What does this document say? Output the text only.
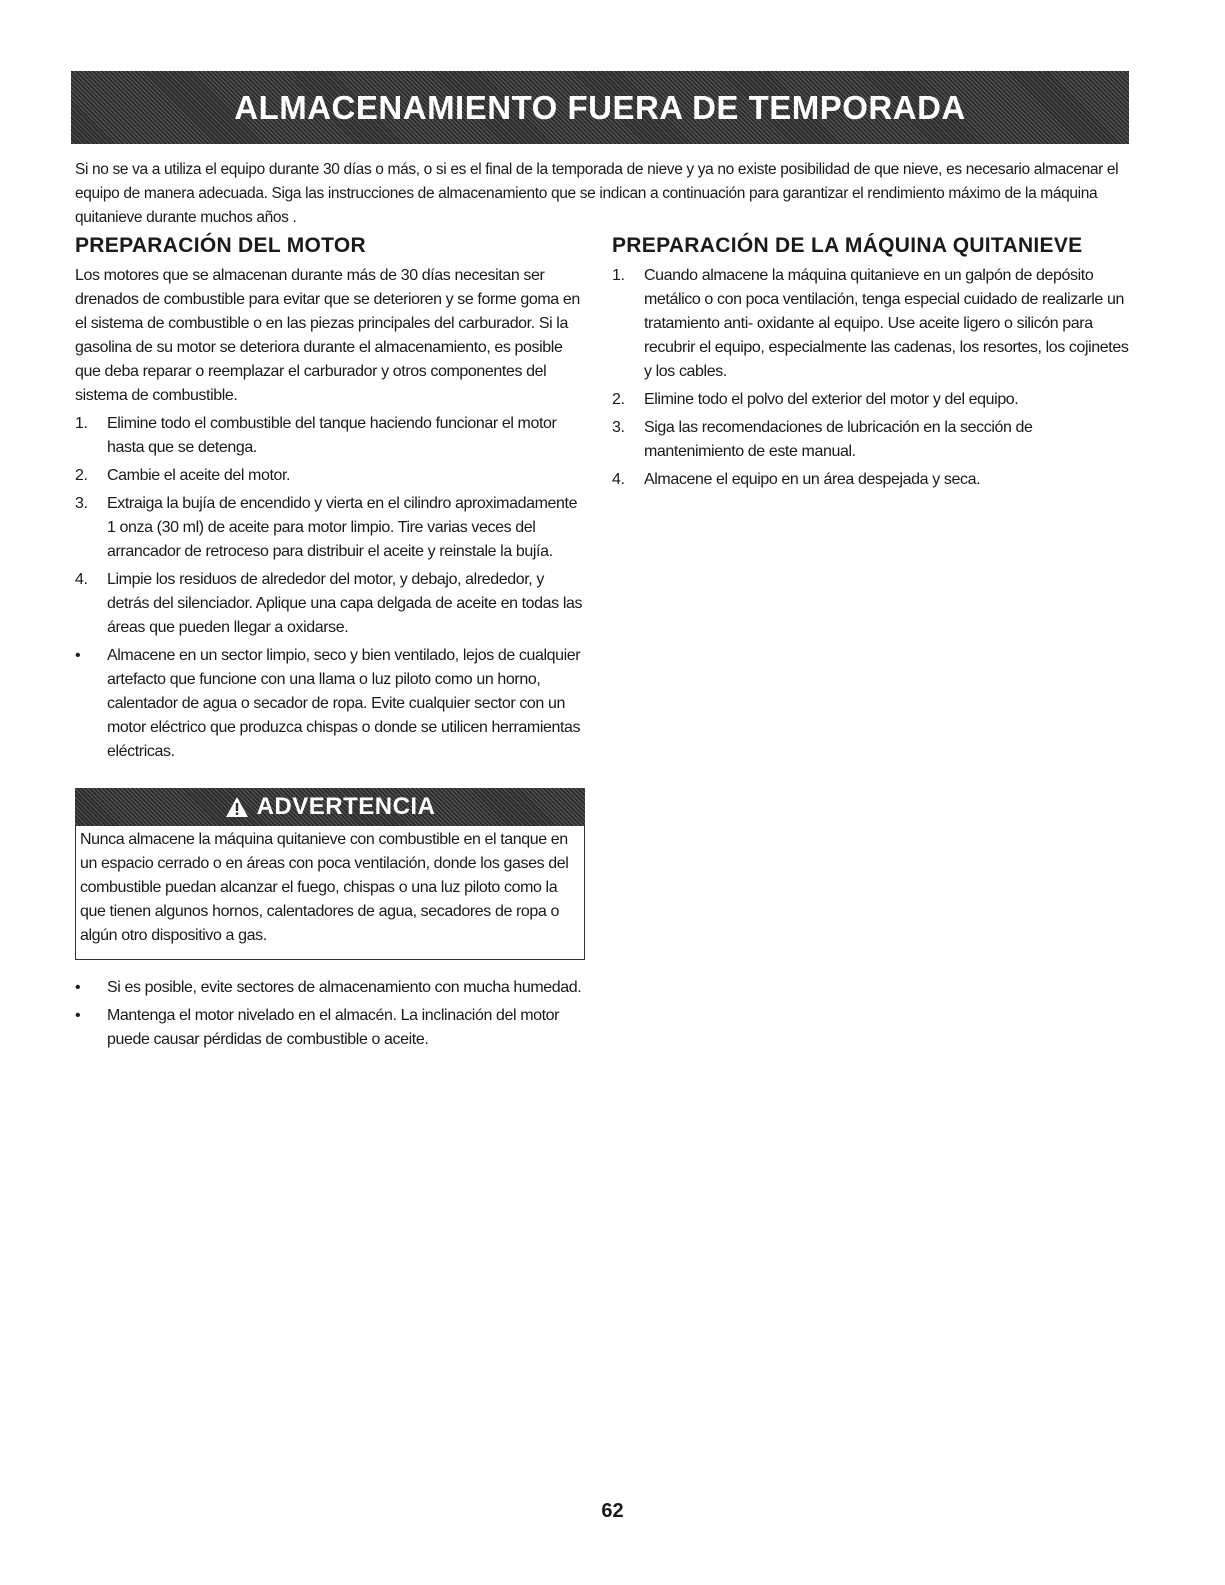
ALMACENAMIENTO FUERA DE TEMPORADA

Si no se va a utiliza el equipo durante 30 días o más, o si es el final de la temporada de nieve y ya no existe posibilidad de que nieve, es necesario almacenar el equipo de manera adecuada. Siga las instrucciones de almacenamiento que se indican a continuación para garantizar el rendimiento máximo de la máquina quitanieve durante muchos años .

PREPARACIÓN DEL MOTOR

Los motores que se almacenan durante más de 30 días necesitan ser drenados de combustible para evitar que se deterioren y se forme goma en el sistema de combustible o en las piezas principales del carburador. Si la gasolina de su motor se deteriora durante el almacenamiento, es posible que deba reparar o reemplazar el carburador y otros componentes del sistema de combustible.

1. Elimine todo el combustible del tanque haciendo funcionar el motor hasta que se detenga.
2. Cambie el aceite del motor.
3. Extraiga la bujía de encendido y vierta en el cilindro aproximadamente 1 onza (30 ml) de aceite para motor limpio. Tire varias veces del arrancador de retroceso para distribuir el aceite y reinstale la bujía.
4. Limpie los residuos de alrededor del motor, y debajo, alrededor, y detrás del silenciador. Aplique una capa delgada de aceite en todas las áreas que pueden llegar a oxidarse.
• Almacene en un sector limpio, seco y bien ventilado, lejos de cualquier artefacto que funcione con una llama o luz piloto como un horno, calentador de agua o secador de ropa. Evite cualquier sector con un motor eléctrico que produzca chispas o donde se utilicen herramientas eléctricas.
ADVERTENCIA

Nunca almacene la máquina quitanieve con combustible en el tanque en un espacio cerrado o en áreas con poca ventilación, donde los gases del combustible puedan alcanzar el fuego, chispas o una luz piloto como la que tienen algunos hornos, calentadores de agua, secadores de ropa o algún otro dispositivo a gas.

• Si es posible, evite sectores de almacenamiento con mucha humedad.
• Mantenga el motor nivelado en el almacén. La inclinación del motor puede causar pérdidas de combustible o aceite.
PREPARACIÓN DE LA MÁQUINA QUITANIEVE
1. Cuando almacene la máquina quitanieve en un galpón de depósito metálico o con poca ventilación, tenga especial cuidado de realizarle un tratamiento anti- oxidante al equipo. Use aceite ligero o silicón para recubrir el equipo, especialmente las cadenas, los resortes, los cojinetes y los cables.
2. Elimine todo el polvo del exterior del motor y del equipo.
3. Siga las recomendaciones de lubricación en la sección de mantenimiento de este manual.
4. Almacene el equipo en un área despejada y seca.
62
